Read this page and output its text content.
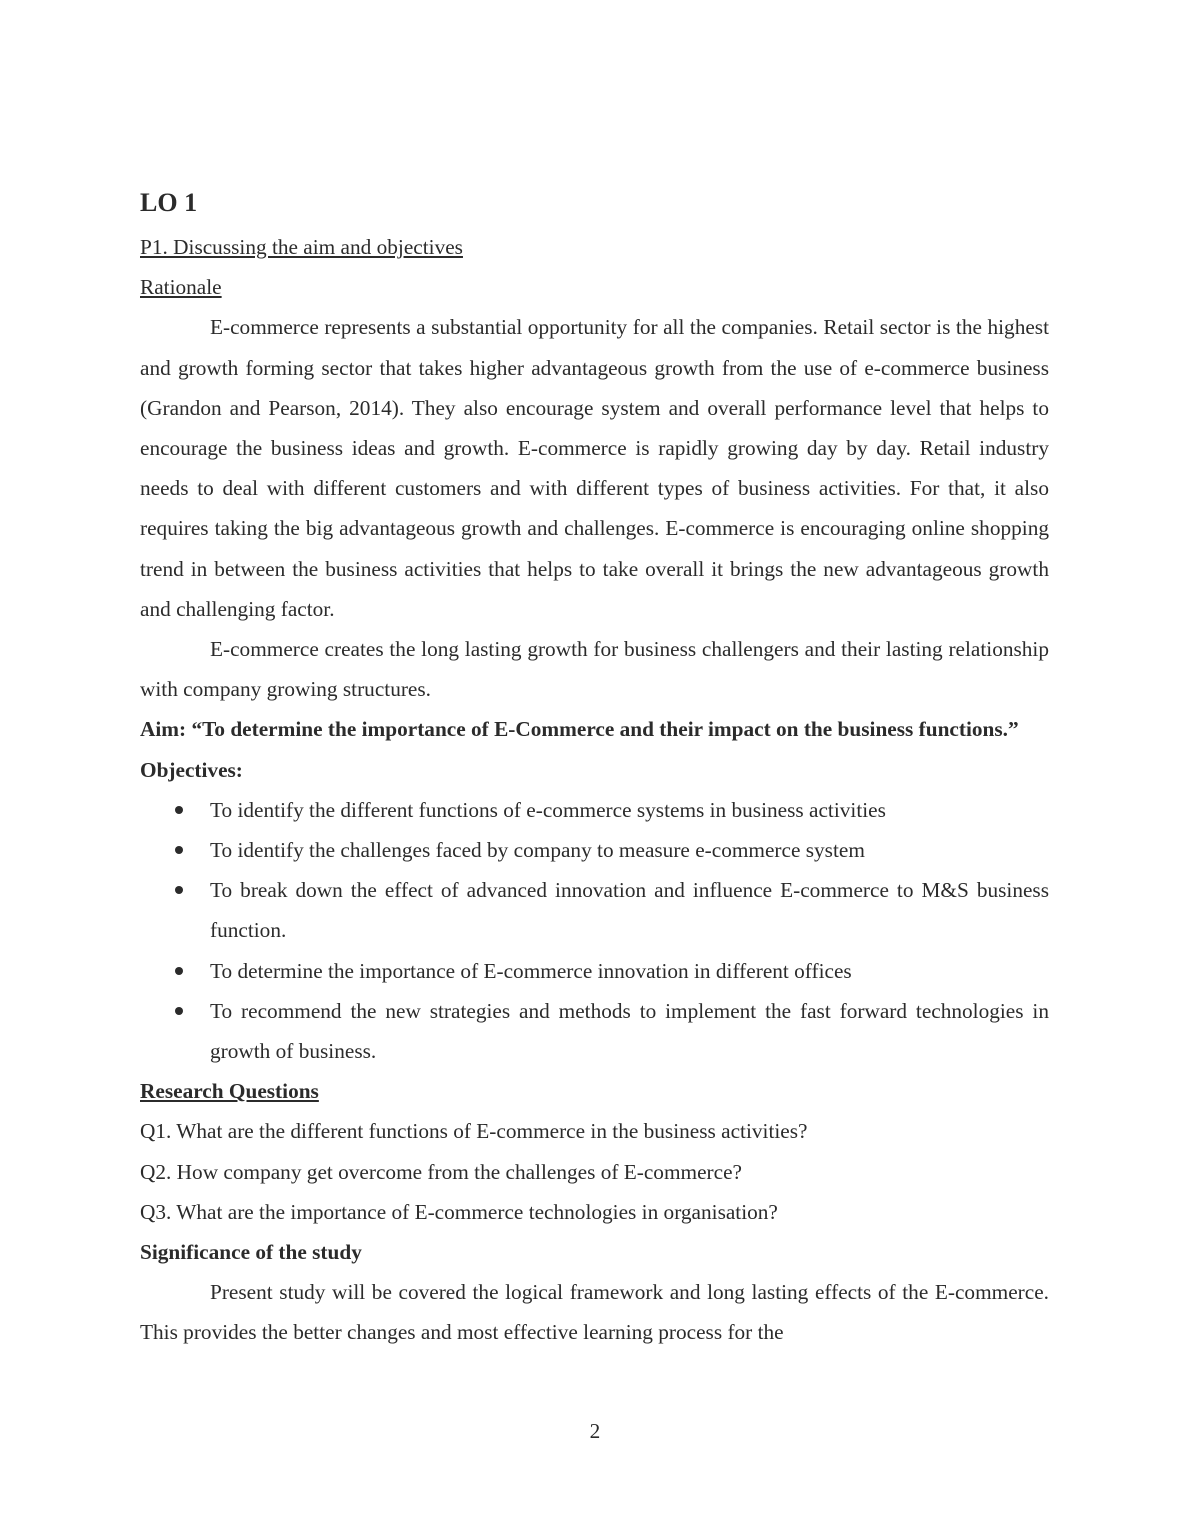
LO 1

P1. Discussing the aim and objectives

Rationale

E-commerce represents a substantial opportunity for all the companies. Retail sector is the highest and growth forming sector that takes higher advantageous growth from the use of e-commerce business (Grandon and Pearson, 2014). They also encourage system and overall performance level that helps to encourage the business ideas and growth. E-commerce is rapidly growing day by day. Retail industry needs to deal with different customers and with different types of business activities. For that, it also requires taking the big advantageous growth and challenges. E-commerce is encouraging online shopping trend in between the business activities that helps to take overall it brings the new advantageous growth and challenging factor.

E-commerce creates the long lasting growth for business challengers and their lasting relationship with company growing structures.

Aim: “To determine the importance of E-Commerce and their impact on the business functions.”

Objectives:

To identify the different functions of e-commerce systems in business activities
To identify the challenges faced by company to measure e-commerce system
To break down the effect of advanced innovation and influence E-commerce to M&S business function.
To determine the importance of E-commerce innovation in different offices
To recommend the new strategies and methods to implement the fast forward technologies in growth of business.

Research Questions

Q1. What are the different functions of E-commerce in the business activities?

Q2. How company get overcome from the challenges of E-commerce?

Q3. What are the importance of E-commerce technologies in organisation?

Significance of the study

Present study will be covered the logical framework and long lasting effects of the E-commerce. This provides the better changes and most effective learning process for the

2
